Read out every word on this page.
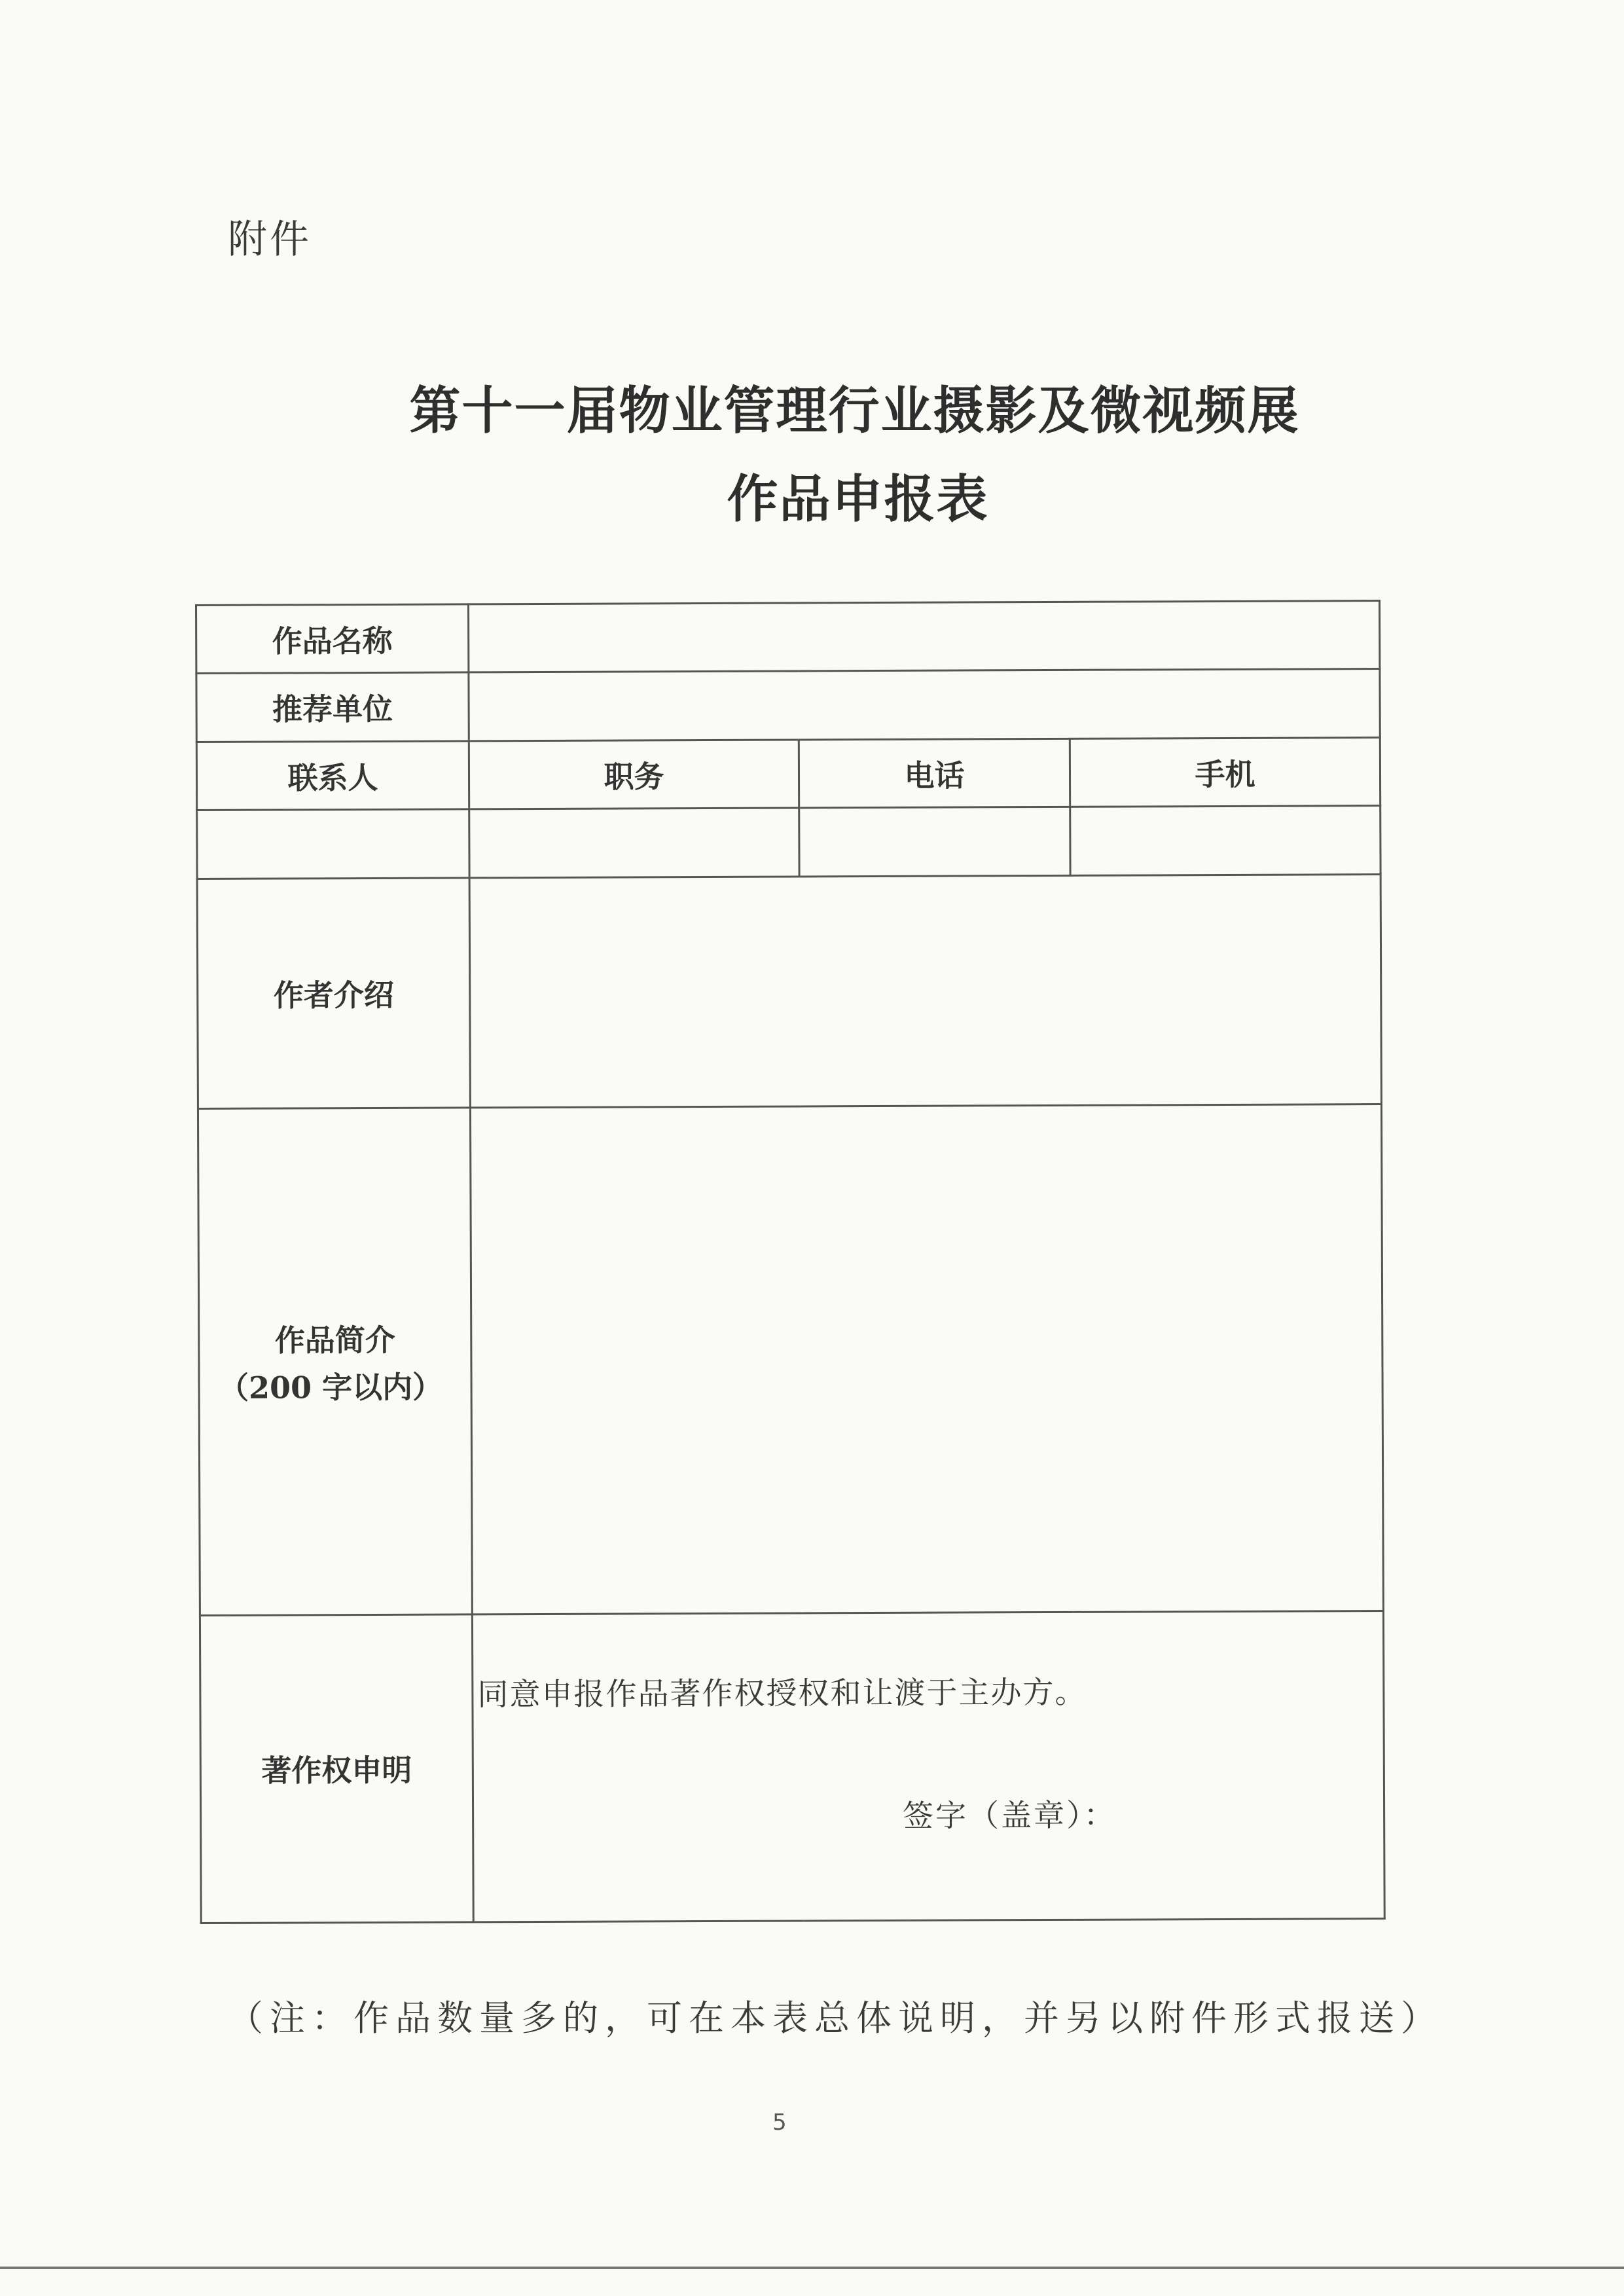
附件
第十一届物业管理行业摄影及微视频展
作品申报表
作品名称			
推荐单位			
联系人	职务	电话	手机

作者介绍			

作品简介
（200 字以内）			

著作权申明	同意申报作品著作权授权和让渡于主办方。
签字（盖章）：		
（注：作品数量多的，可在本表总体说明，并另以附件形式报送）
5
